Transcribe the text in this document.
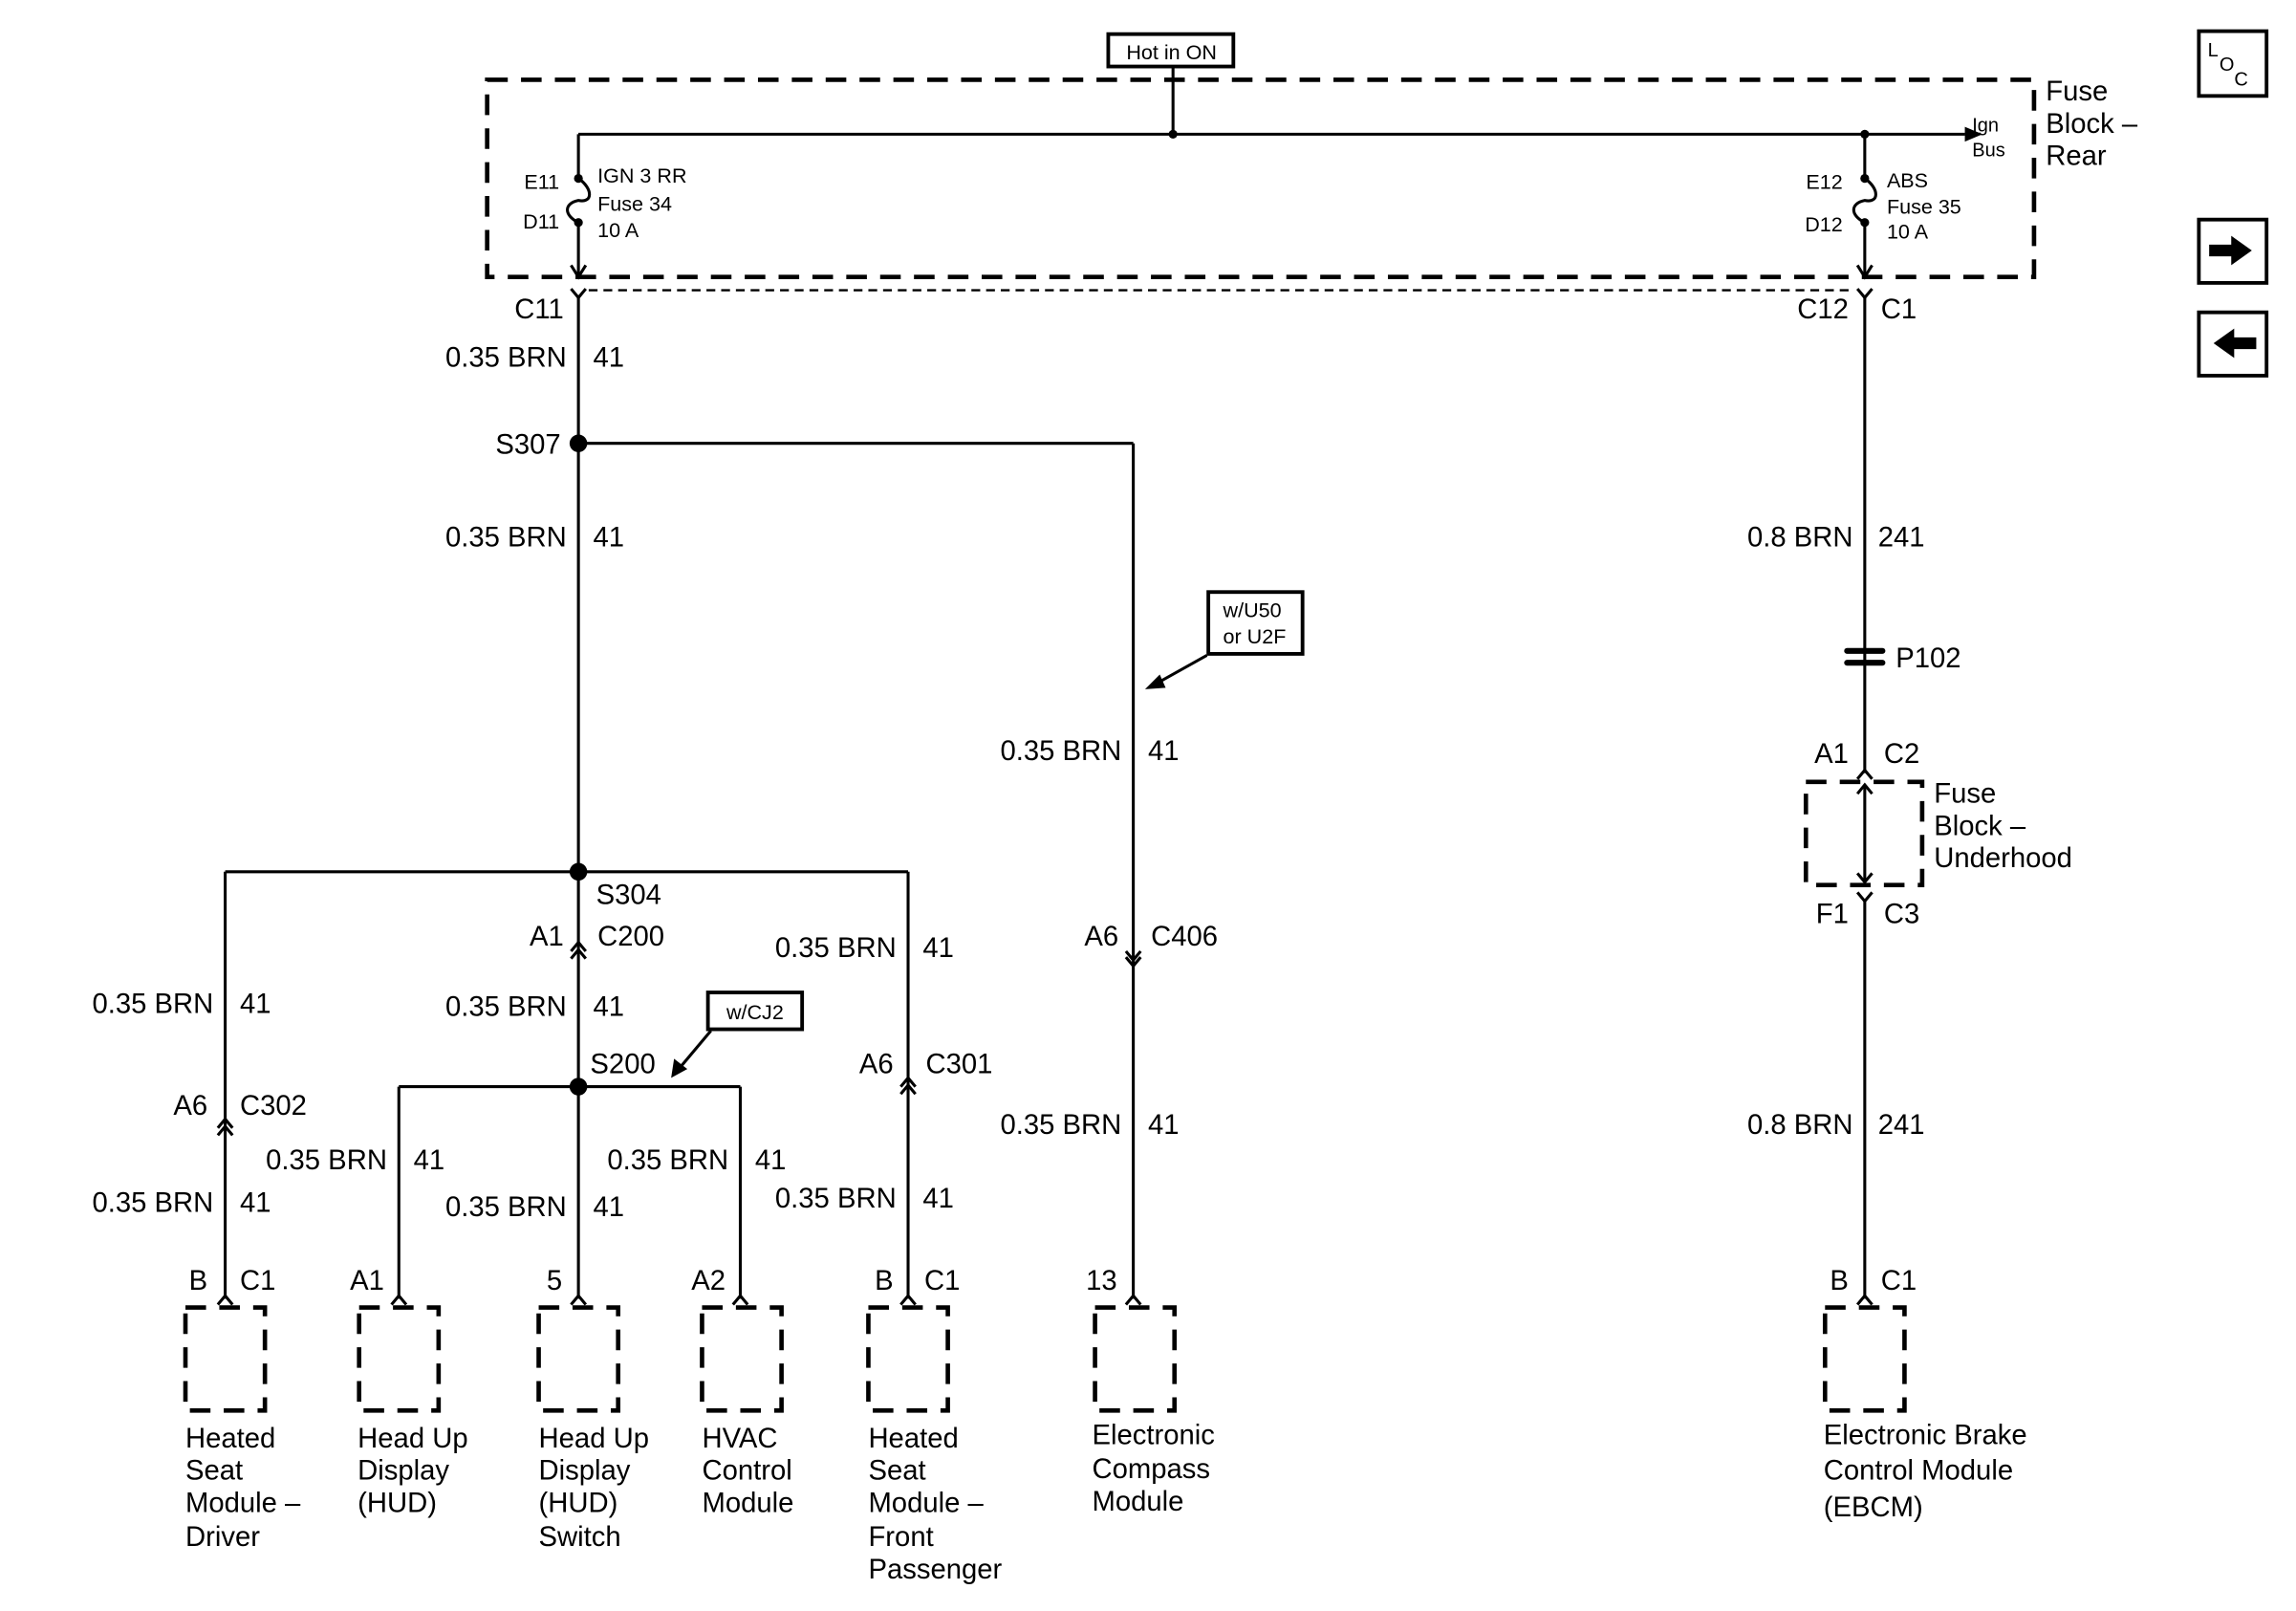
Hot in ON
Fuse
Block –
Rear
Ign
Bus
E11
D11
IGN 3 RR
Fuse 34
10 A
E12
D12
ABS
Fuse 35
10 A
C11	C12 C1
S307
S304
S200
0.35 BRN 41
0.35 BRN 41
0.35 BRN 41
0.35 BRN 41
0.35 BRN 41
0.35 BRN 41
0.35 BRN 41
0.35 BRN 41
0.35 BRN 41
0.35 BRN 41
0.35 BRN 41
0.35 BRN 41
0.8 BRN 241
0.8 BRN 241
w/U50
or U2F
w/CJ2
A1 C200	A6 C406
A6 C302
A6 C301
P102
A1 C2
Fuse
Block –
Underhood
F1 C3
B C1
Heated
Seat
Module –
Driver
A1
Head Up
Display
(HUD)
5
Head Up
Display
(HUD)
Switch
A2
HVAC
Control
Module
B C1
Heated
Seat
Module –
Front
Passenger
13
Electronic
Compass
Module
B C1
Electronic Brake
Control Module
(EBCM)
L
O
C
